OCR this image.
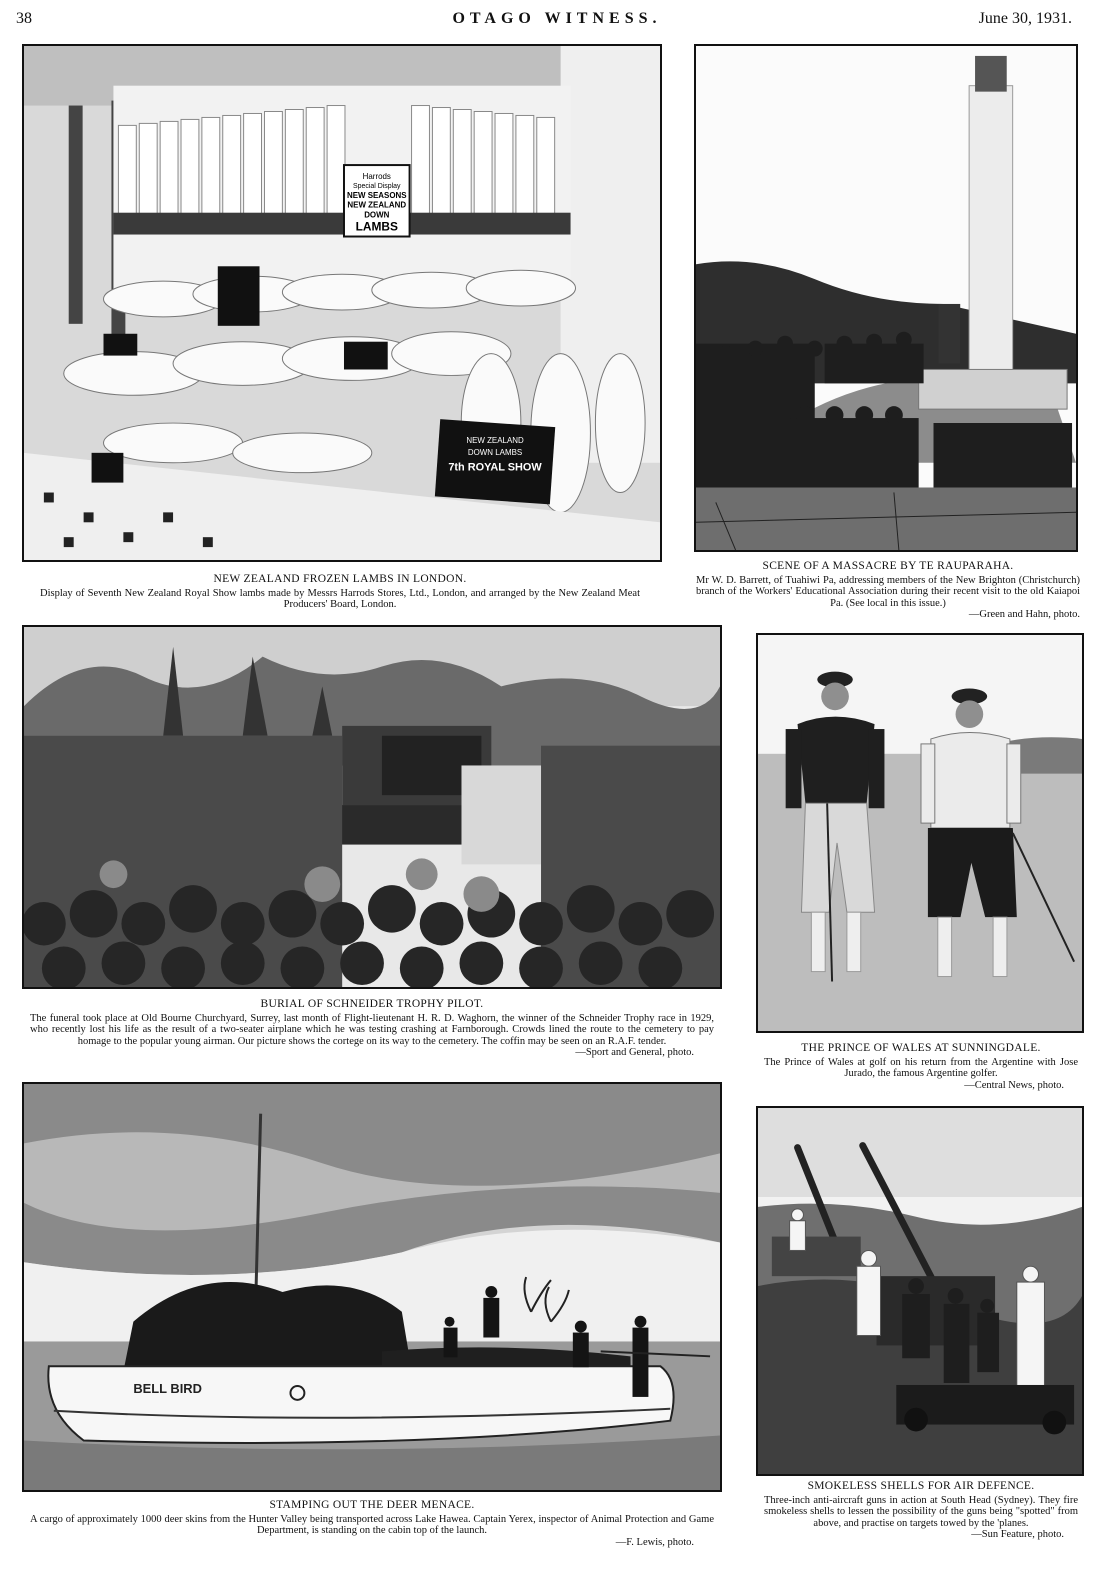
38	OTAGO WITNESS.	June 30, 1931.
Harrods
Special Display
NEW SEASONS
NEW ZEALAND
DOWN
LAMBS
NEW ZEALAND
DOWN LAMBS
7th ROYAL SHOW
NEW ZEALAND FROZEN LAMBS IN LONDON.
Display of Seventh New Zealand Royal Show lambs made by Messrs Harrods Stores, Ltd., London, and arranged by the New Zealand Meat Producers' Board, London.
SCENE OF A MASSACRE BY TE RAUPARAHA.
Mr W. D. Barrett, of Tuahiwi Pa, addressing members of the New Brighton (Christchurch) branch of the Workers' Educational Association during their recent visit to the old Kaiapoi Pa. (See local in this issue.)
—Green and Hahn, photo.
BURIAL OF SCHNEIDER TROPHY PILOT.
The funeral took place at Old Bourne Churchyard, Surrey, last month of Flight-lieutenant H. R. D. Waghorn, the winner of the Schneider Trophy race in 1929, who recently lost his life as the result of a two-seater airplane which he was testing crashing at Farnborough. Crowds lined the route to the cemetery to pay homage to the popular young airman. Our picture shows the cortege on its way to the cemetery. The coffin may be seen on an R.A.F. tender.
—Sport and General, photo.	THE PRINCE OF WALES AT SUNNINGDALE.
The Prince of Wales at golf on his return from the Argentine with Jose Jurado, the famous Argentine golfer.
—Central News, photo.
BELL BIRD
STAMPING OUT THE DEER MENACE.
A cargo of approximately 1000 deer skins from the Hunter Valley being transported across Lake Hawea. Captain Yerex, inspector of Animal Protection and Game Department, is standing on the cabin top of the launch.
—F. Lewis, photo.
SMOKELESS SHELLS FOR AIR DEFENCE.
Three-inch anti-aircraft guns in action at South Head (Sydney). They fire smokeless shells to lessen the possibility of the guns being "spotted" from above, and practise on targets towed by the 'planes.
—Sun Feature, photo.
